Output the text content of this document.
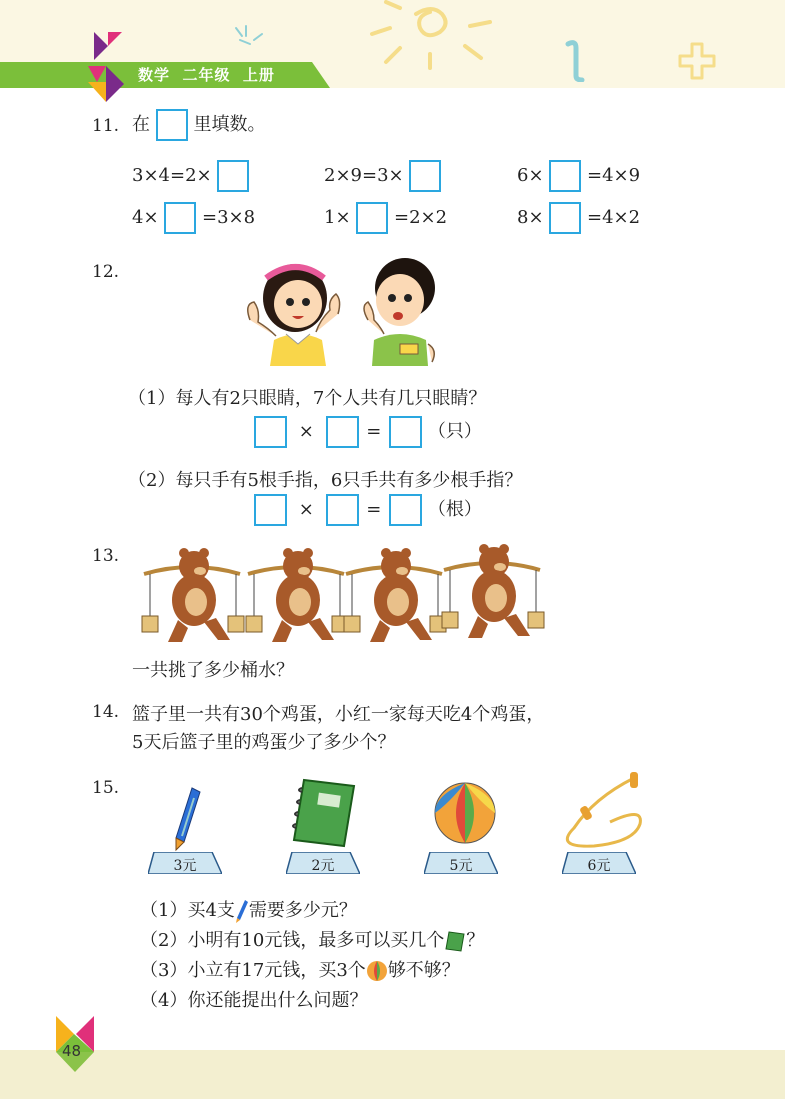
数学  二年级  上册
11. 在 里填数。
3×4=2×	2×9=3×	6× =4×9
4× =3×8	1× =2×2	8× =4×2
12.
（1）每人有2只眼睛，7个人共有几只眼睛？
×	=	（只）
（2）每只手有5根手指，6只手共有多少根手指？
×	=	（根）
13.
一共挑了多少桶水？
14. 篮子里一共有30个鸡蛋，小红一家每天吃4个鸡蛋，
5天后篮子里的鸡蛋少了多少个？
15.
3元	2元	5元	6元
（1）买4支 需要多少元？
（2）小明有10元钱，最多可以买几个 ？
（3）小立有17元钱，买3个 够不够？
（4）你还能提出什么问题？
48
